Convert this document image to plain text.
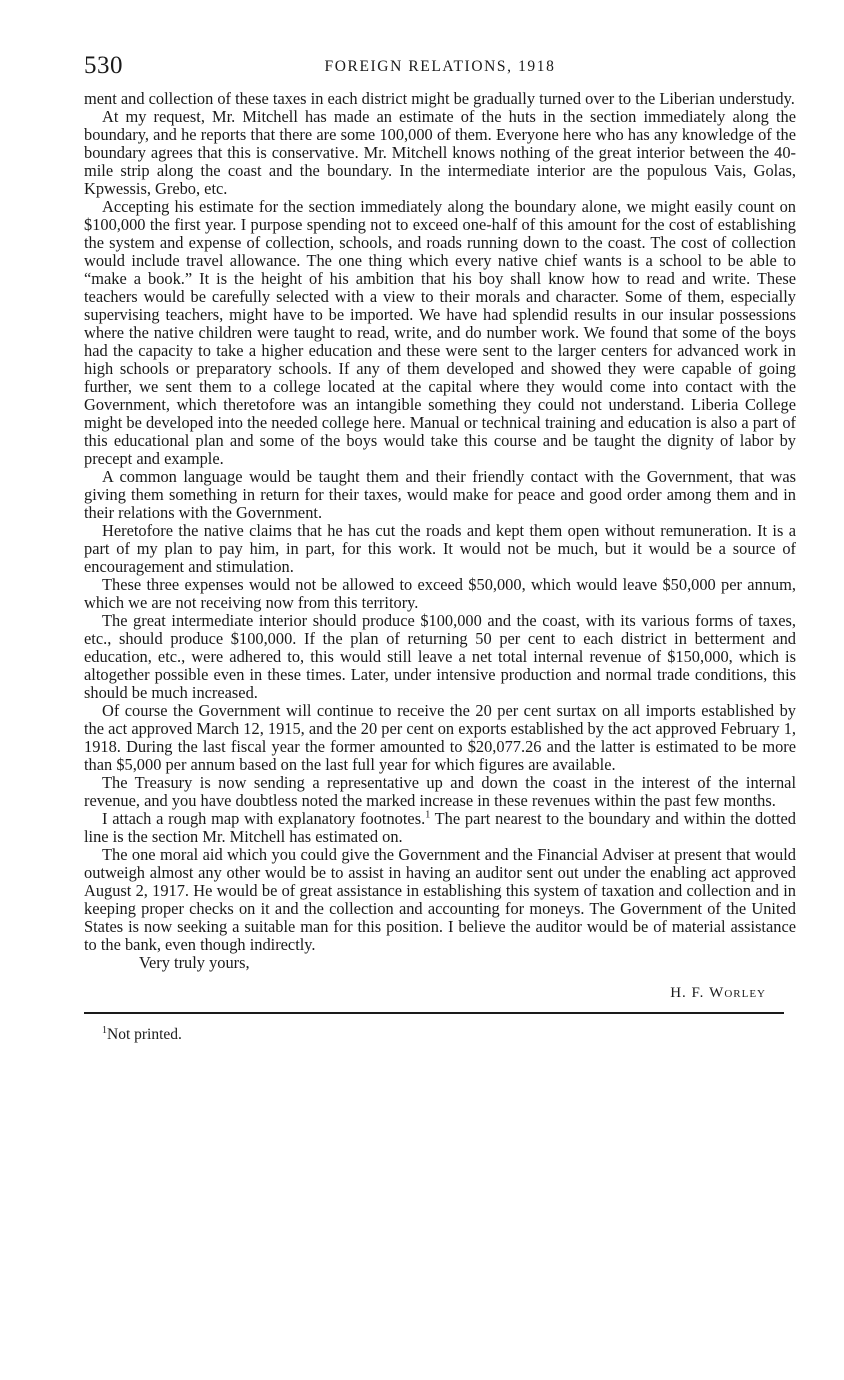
530	FOREIGN RELATIONS, 1918

ment and collection of these taxes in each district might be gradually turned over to the Liberian understudy.

At my request, Mr. Mitchell has made an estimate of the huts in the section immediately along the boundary, and he reports that there are some 100,000 of them. Everyone here who has any knowledge of the boundary agrees that this is conservative. Mr. Mitchell knows nothing of the great interior between the 40-mile strip along the coast and the boundary. In the intermediate interior are the populous Vais, Golas, Kpwessis, Grebo, etc.

Accepting his estimate for the section immediately along the boundary alone, we might easily count on $100,000 the first year. I purpose spending not to exceed one-half of this amount for the cost of establishing the system and expense of collection, schools, and roads running down to the coast. The cost of collection would include travel allowance. The one thing which every native chief wants is a school to be able to “make a book.” It is the height of his ambition that his boy shall know how to read and write. These teachers would be carefully selected with a view to their morals and character. Some of them, especially supervising teachers, might have to be imported. We have had splendid results in our insular possessions where the native children were taught to read, write, and do number work. We found that some of the boys had the capacity to take a higher education and these were sent to the larger centers for advanced work in high schools or preparatory schools. If any of them developed and showed they were capable of going further, we sent them to a college located at the capital where they would come into contact with the Government, which theretofore was an intangible something they could not understand. Liberia College might be developed into the needed college here. Manual or technical training and education is also a part of this educational plan and some of the boys would take this course and be taught the dignity of labor by precept and example.

A common language would be taught them and their friendly contact with the Government, that was giving them something in return for their taxes, would make for peace and good order among them and in their relations with the Government.

Heretofore the native claims that he has cut the roads and kept them open without remuneration. It is a part of my plan to pay him, in part, for this work. It would not be much, but it would be a source of encouragement and stimulation.

These three expenses would not be allowed to exceed $50,000, which would leave $50,000 per annum, which we are not receiving now from this territory.

The great intermediate interior should produce $100,000 and the coast, with its various forms of taxes, etc., should produce $100,000. If the plan of returning 50 per cent to each district in betterment and education, etc., were adhered to, this would still leave a net total internal revenue of $150,000, which is altogether possible even in these times. Later, under intensive production and normal trade conditions, this should be much increased.

Of course the Government will continue to receive the 20 per cent surtax on all imports established by the act approved March 12, 1915, and the 20 per cent on exports established by the act approved February 1, 1918. During the last fiscal year the former amounted to $20,077.26 and the latter is estimated to be more than $5,000 per annum based on the last full year for which figures are available.

The Treasury is now sending a representative up and down the coast in the interest of the internal revenue, and you have doubtless noted the marked increase in these revenues within the past few months.

I attach a rough map with explanatory footnotes.$^1$ The part nearest to the boundary and within the dotted line is the section Mr. Mitchell has estimated on.

The one moral aid which you could give the Government and the Financial Adviser at present that would outweigh almost any other would be to assist in having an auditor sent out under the enabling act approved August 2, 1917. He would be of great assistance in establishing this system of taxation and collection and in keeping proper checks on it and the collection and accounting for moneys. The Government of the United States is now seeking a suitable man for this position. I believe the auditor would be of material assistance to the bank, even though indirectly.

Very truly yours,

H. F. Worley
$^1$Not printed.
